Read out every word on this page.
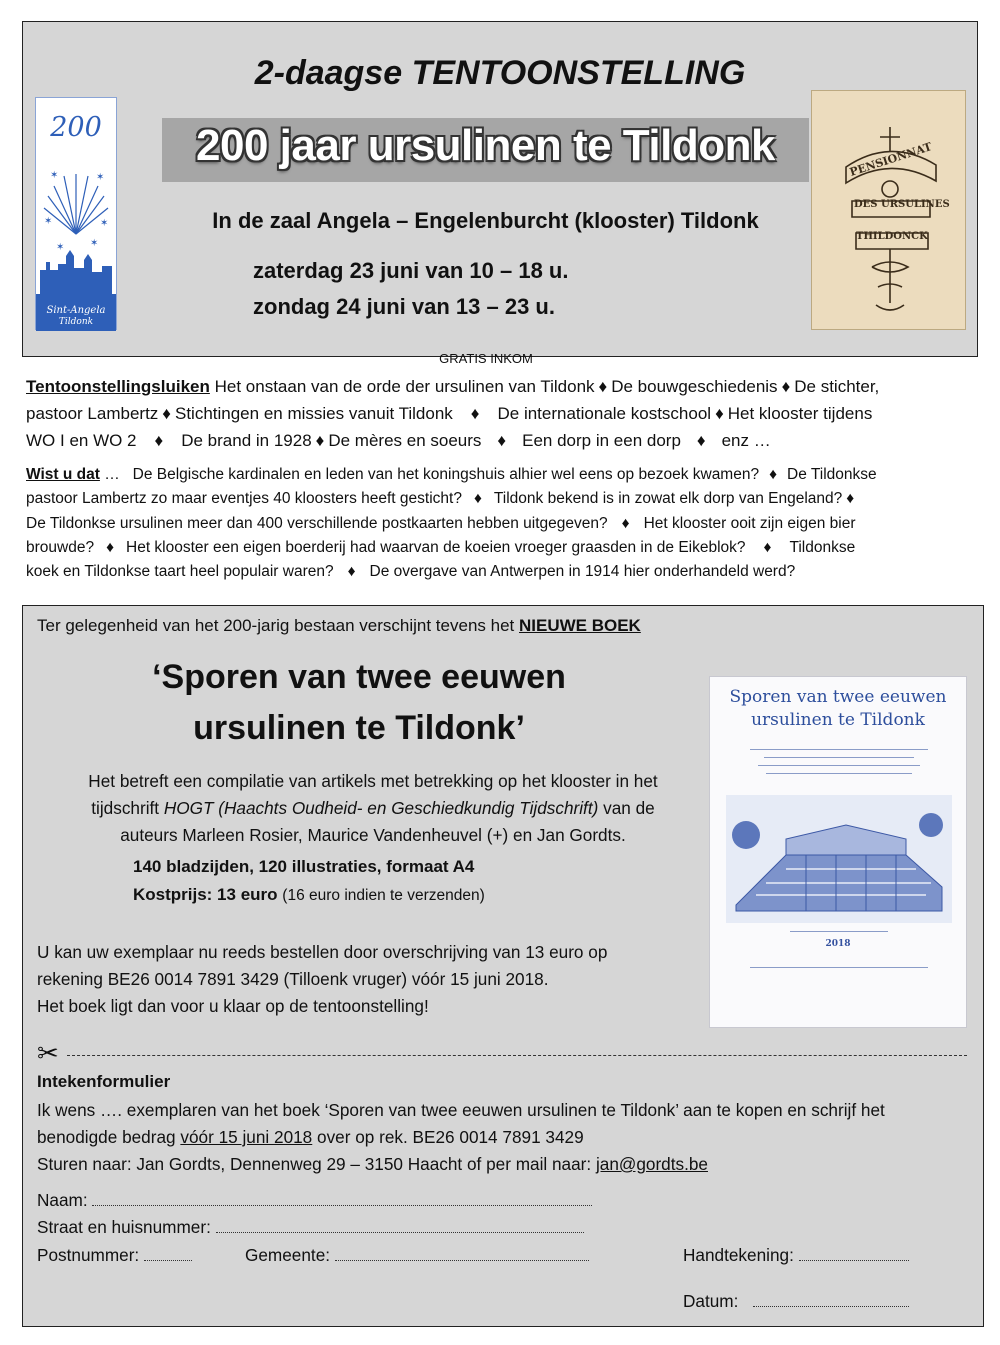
2-daagse TENTOONSTELLING
200 jaar ursulinen te Tildonk
In de zaal Angela – Engelenburcht (klooster) Tildonk
zaterdag 23 juni van 10 – 18 u.
zondag 24 juni van 13 – 23 u.
GRATIS INKOM
200
✶	✶
✶	✶
✶	✶
Sint-Angela
Tildonk
PENSIONNAT
DES URSULINES
THILDONCK
Tentoonstellingsluiken Het onstaan van de orde der ursulinen van Tildonk ♦ De bouwgeschiedenis ♦ De stichter,
pastoor Lambertz ♦ Stichtingen en missies vanuit Tildonk ♦ De internationale kostschool ♦ Het klooster tijdens
WO I en WO 2 ♦ De brand in 1928 ♦ De mères en soeurs ♦ Een dorp in een dorp ♦ enz …
Wist u dat … De Belgische kardinalen en leden van het koningshuis alhier wel eens op bezoek kwamen? ♦ De Tildonkse
pastoor Lambertz zo maar eventjes 40 kloosters heeft gesticht? ♦ Tildonk bekend is in zowat elk dorp van Engeland? ♦
De Tildonkse ursulinen meer dan 400 verschillende postkaarten hebben uitgegeven? ♦ Het klooster ooit zijn eigen bier
brouwde? ♦ Het klooster een eigen boerderij had waarvan de koeien vroeger graasden in de Eikeblok? ♦ Tildonkse
koek en Tildonkse taart heel populair waren? ♦ De overgave van Antwerpen in 1914 hier onderhandeld werd?
Ter gelegenheid van het 200-jarig bestaan verschijnt tevens het NIEUWE BOEK
‘Sporen van twee eeuwen
ursulinen te Tildonk’
Het betreft een compilatie van artikels met betrekking op het klooster in het
tijdschrift HOGT (Haachts Oudheid- en Geschiedkundig Tijdschrift) van de
auteurs Marleen Rosier, Maurice Vandenheuvel (+) en Jan Gordts.
140 bladzijden, 120 illustraties, formaat A4
Kostprijs: 13 euro (16 euro indien te verzenden)
U kan uw exemplaar nu reeds bestellen door overschrijving van 13 euro op
rekening BE26 0014 7891 3429 (Tilloenk vruger) vóór 15 juni 2018.
Het boek ligt dan voor u klaar op de tentoonstelling!
Sporen van twee eeuwen
ursulinen te Tildonk
2018
✂
Intekenformulier
Ik wens …. exemplaren van het boek ‘Sporen van twee eeuwen ursulinen te Tildonk’ aan te kopen en schrijf het
benodigde bedrag vóór 15 juni 2018 over op rek. BE26 0014 7891 3429
Sturen naar: Jan Gordts, Dennenweg 29 – 3150 Haacht of per mail naar: jan@gordts.be
Naam:
Straat en huisnummer:
Postnummer:	Gemeente:	Handtekening:
Datum:
